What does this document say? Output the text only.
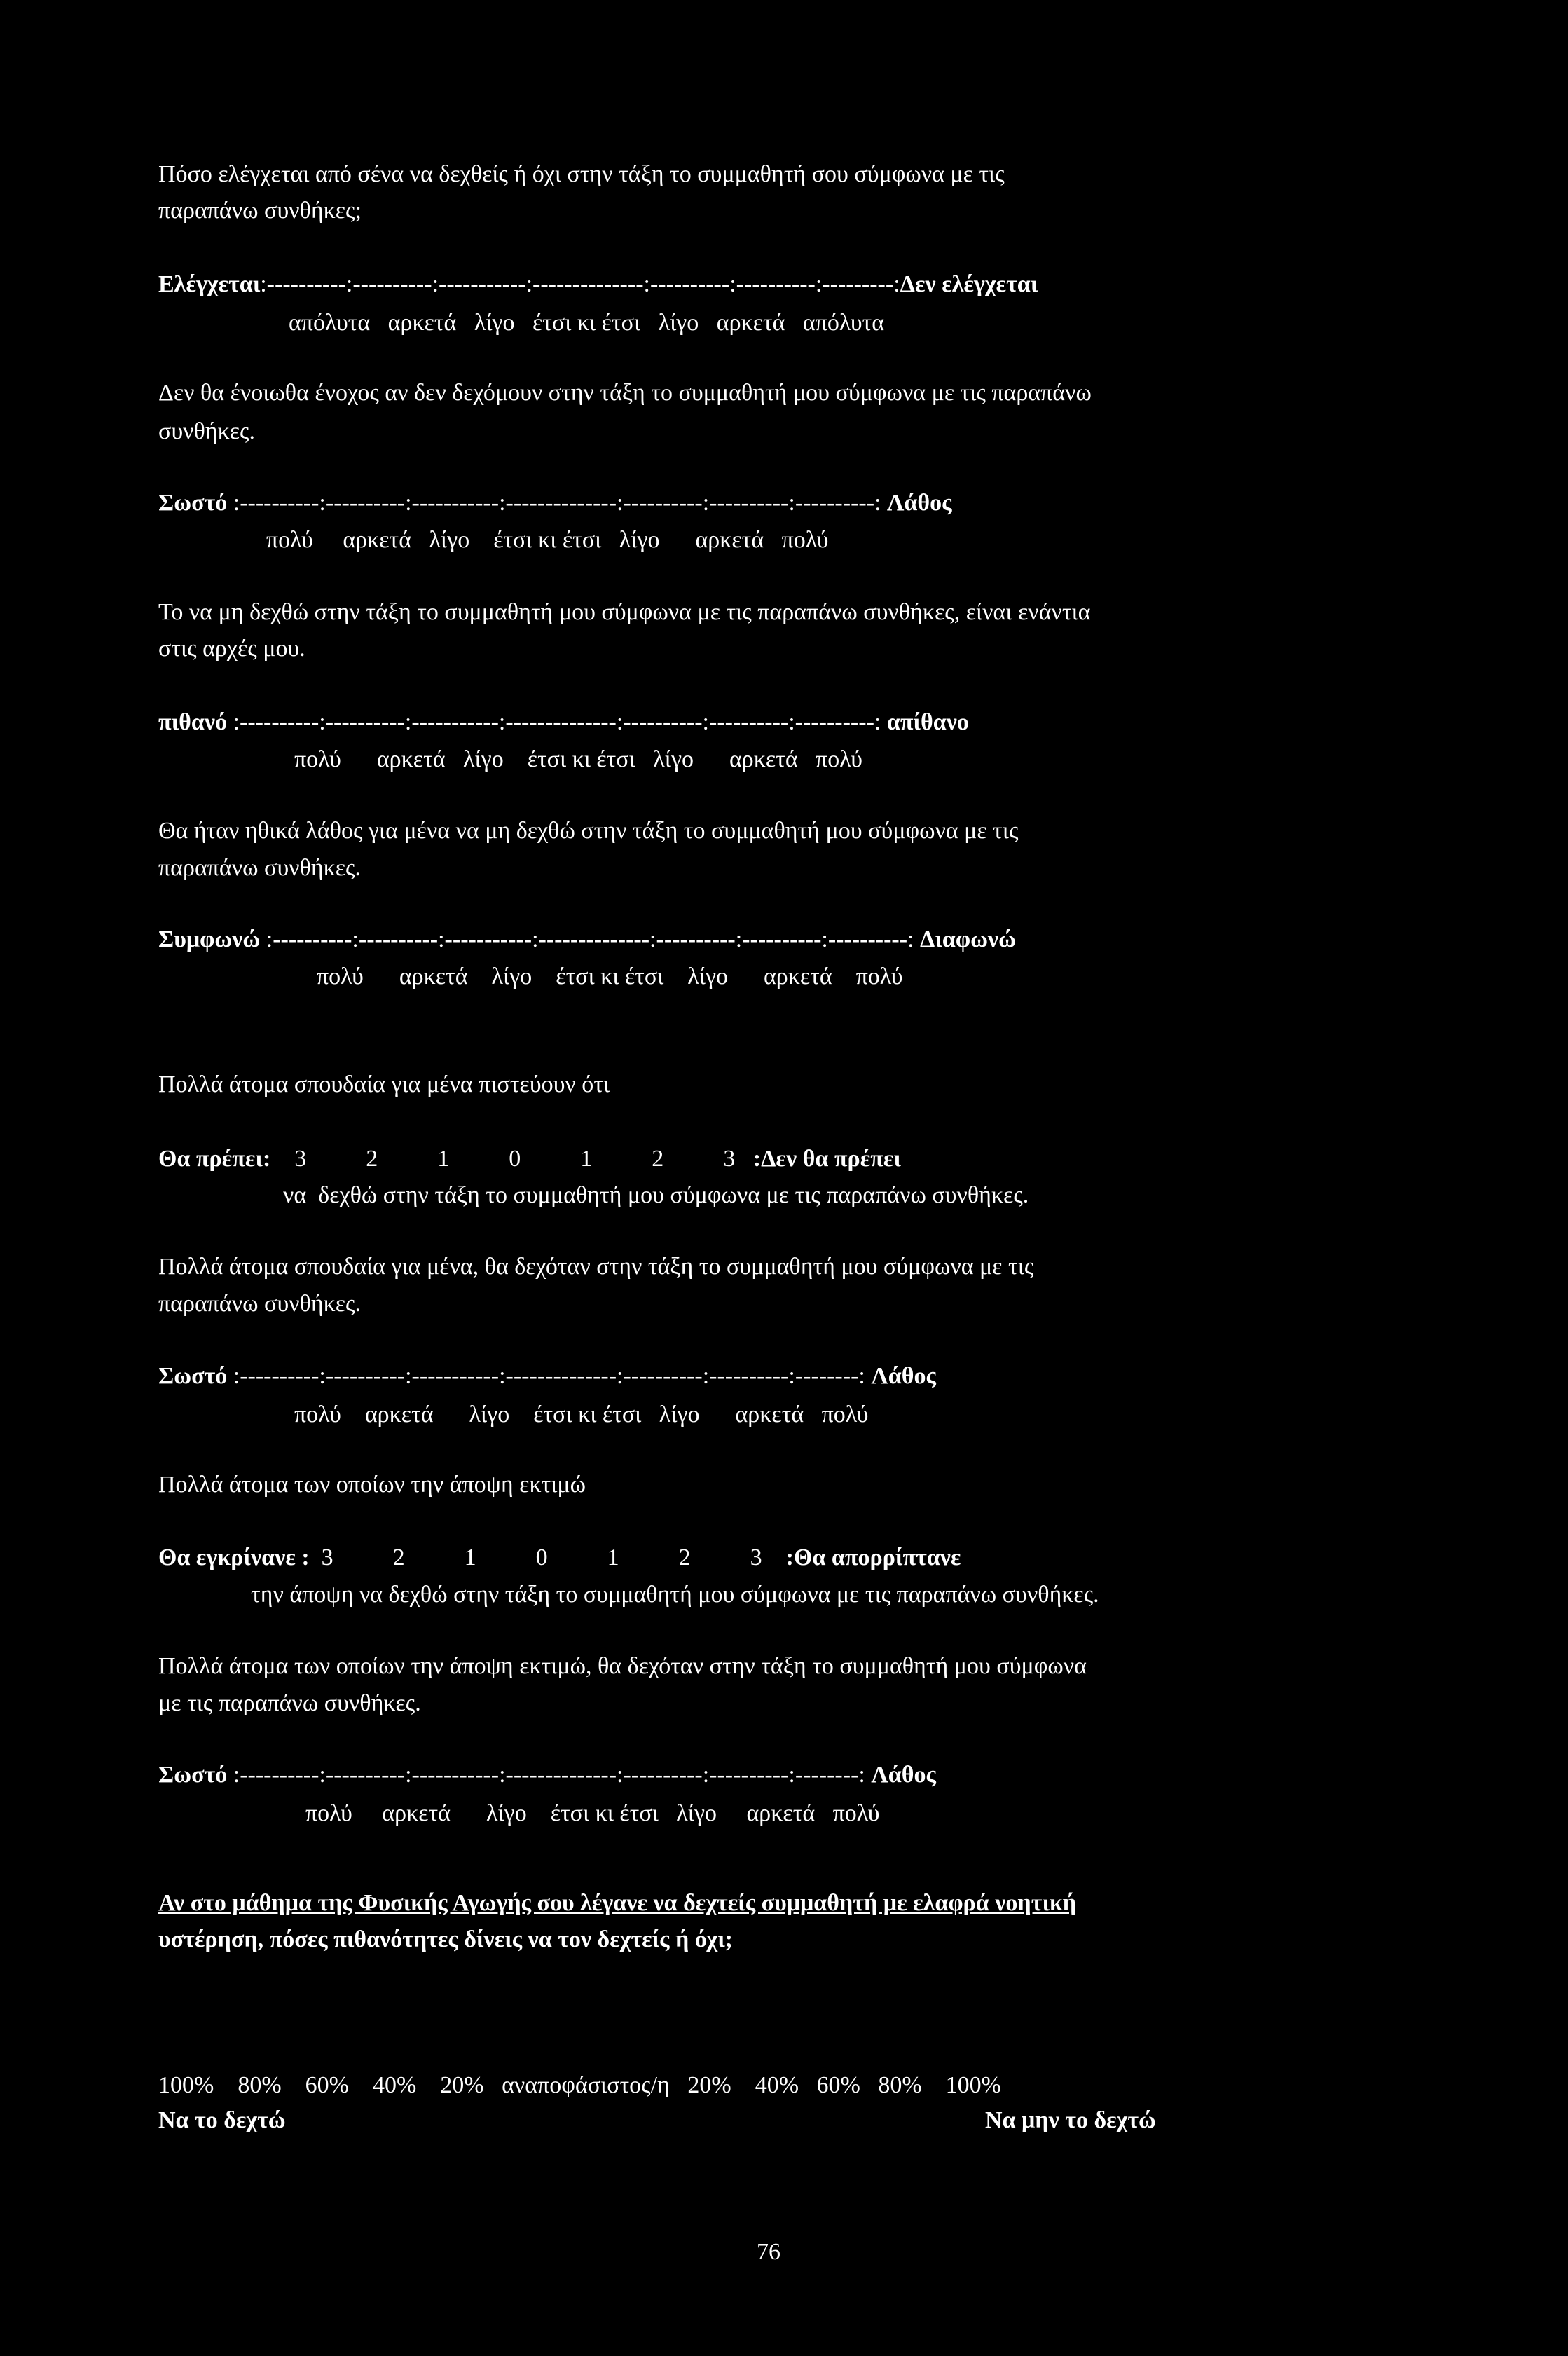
Πόσο ελέγχεται από σένα να δεχθείς ή όχι στην τάξη το συμμαθητή σου σύμφωνα με τις
παραπάνω συνθήκες;
Ελέγχεται:----------:----------:-----------:--------------:----------:----------:---------:Δεν ελέγχεται
απόλυτα   αρκετά   λίγο   έτσι κι έτσι   λίγο   αρκετά   απόλυτα
Δεν θα ένοιωθα ένοχος αν δεν δεχόμουν στην τάξη το συμμαθητή μου σύμφωνα με τις παραπάνω
συνθήκες.
Σωστό :----------:----------:-----------:--------------:----------:----------:----------: Λάθος
πολύ     αρκετά   λίγο    έτσι κι έτσι   λίγο      αρκετά   πολύ
Το να μη δεχθώ στην τάξη το συμμαθητή μου σύμφωνα με τις παραπάνω συνθήκες, είναι ενάντια
στις αρχές μου.
πιθανό :----------:----------:-----------:--------------:----------:----------:----------: απίθανο
πολύ      αρκετά   λίγο    έτσι κι έτσι   λίγο      αρκετά   πολύ
Θα ήταν ηθικά λάθος για μένα να μη δεχθώ στην τάξη το συμμαθητή μου σύμφωνα με τις
παραπάνω συνθήκες.
Συμφωνώ :----------:----------:-----------:--------------:----------:----------:----------: Διαφωνώ
πολύ      αρκετά    λίγο    έτσι κι έτσι    λίγο      αρκετά    πολύ
Πολλά άτομα σπουδαία για μένα πιστεύουν ότι
Θα πρέπει: 3          2          1          0          1          2          3 :Δεν θα πρέπει
να  δεχθώ στην τάξη το συμμαθητή μου σύμφωνα με τις παραπάνω συνθήκες.
Πολλά άτομα σπουδαία για μένα, θα δεχόταν στην τάξη το συμμαθητή μου σύμφωνα με τις
παραπάνω συνθήκες.
Σωστό :----------:----------:-----------:--------------:----------:----------:--------: Λάθος
πολύ    αρκετά      λίγο    έτσι κι έτσι   λίγο      αρκετά   πολύ
Πολλά άτομα των οποίων την άποψη εκτιμώ
Θα εγκρίνανε : 3          2          1          0          1          2          3 :Θα απορρίπτανε
την άποψη να δεχθώ στην τάξη το συμμαθητή μου σύμφωνα με τις παραπάνω συνθήκες.
Πολλά άτομα των οποίων την άποψη εκτιμώ, θα δεχόταν στην τάξη το συμμαθητή μου σύμφωνα
με τις παραπάνω συνθήκες.
Σωστό :----------:----------:-----------:--------------:----------:----------:--------: Λάθος
πολύ     αρκετά      λίγο    έτσι κι έτσι   λίγο     αρκετά   πολύ
Αν στο μάθημα της Φυσικής Αγωγής σου λέγανε να δεχτείς συμμαθητή με ελαφρά νοητική
υστέρηση, πόσες πιθανότητες δίνεις να τον δεχτείς ή όχι;
100%    80%    60%    40%    20%   αναποφάσιστος/η   20%    40%   60%   80%    100%
Να το δεχτώ	Να μην το δεχτώ
76
